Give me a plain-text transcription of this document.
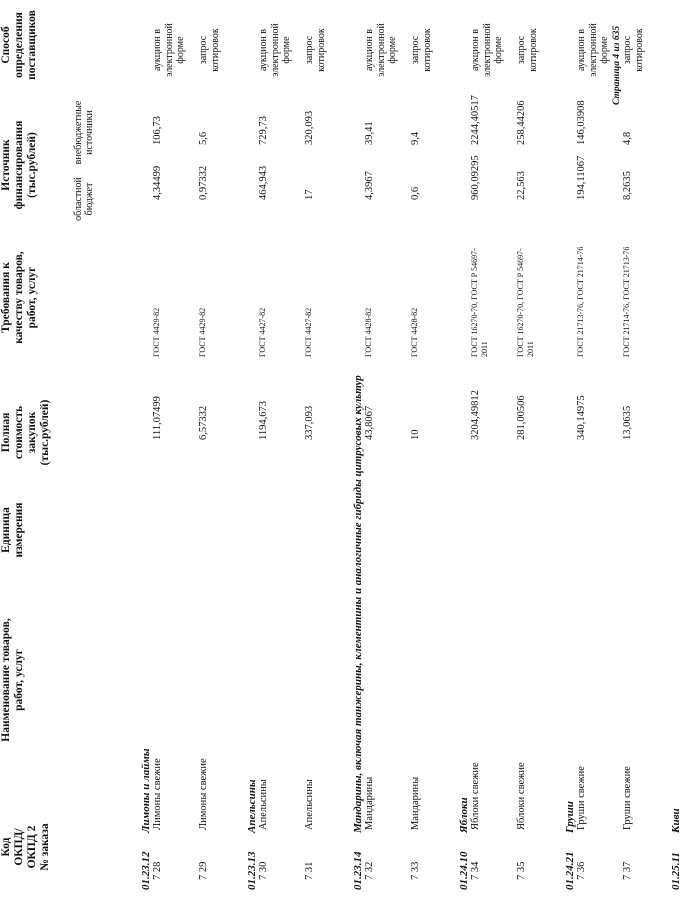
Код
ОКПД/
ОКПД 2
№ заказа
Наименование товаров,
работ, услуг
Единица
измерения
Полная
стоимость
закупок
(тыс.рублей)
Требования к
качеству товаров,
работ, услуг
Источник
финансирования
(тыс.рублей)
областной
бюджет
внебюджетные
источники
Способ
определения
поставщиков
01.23.12
Лимоны и лаймы
7 28
Лимоны свежие
111,07499
ГОСТ 4429-82
4,34499
106,73
аукцион в электронной форме
7 29
Лимоны свежие
6,57332
ГОСТ 4429-82
0,97332
5,6
запрос котировок
01.23.13
Апельсины
7 30
Апельсины
1194,673
ГОСТ 4427-82
464,943
729,73
аукцион в электронной форме
7 31
Апельсины
337,093
ГОСТ 4427-82
17
320,093
запрос котировок
01.23.14
Мандарины, включая танжерины, клементины и аналогичные гибриды цитрусовых культур
7 32
Мандарины
43,8067
ГОСТ 4428-82
4,3967
39,41
аукцион в электронной форме
7 33
Мандарины
10
ГОСТ 4428-82
0,6
9,4
запрос котировок
01.24.10
Яблоки
7 34
Яблоки свежие
3204,49812
ГОСТ 16270-70, ГОСТ Р 54697-2011
960,09295
2244,40517
аукцион в электронной форме
7 35
Яблоки свежие
281,00506
ГОСТ 16270-70, ГОСТ Р 54697-2011
22,563
258,44206
запрос котировок
01.24.21
Груши
7 36
Груши свежие
340,14975
ГОСТ 21713-76, ГОСТ 21714-76
194,11067
146,03908
аукцион в электронной форме
7 37
Груши свежие
13,0635
ГОСТ 21714-76, ГОСТ 21713-76
8,2635
4,8
запрос котировок
01.25.11
Киви
Страница 4 из 635
